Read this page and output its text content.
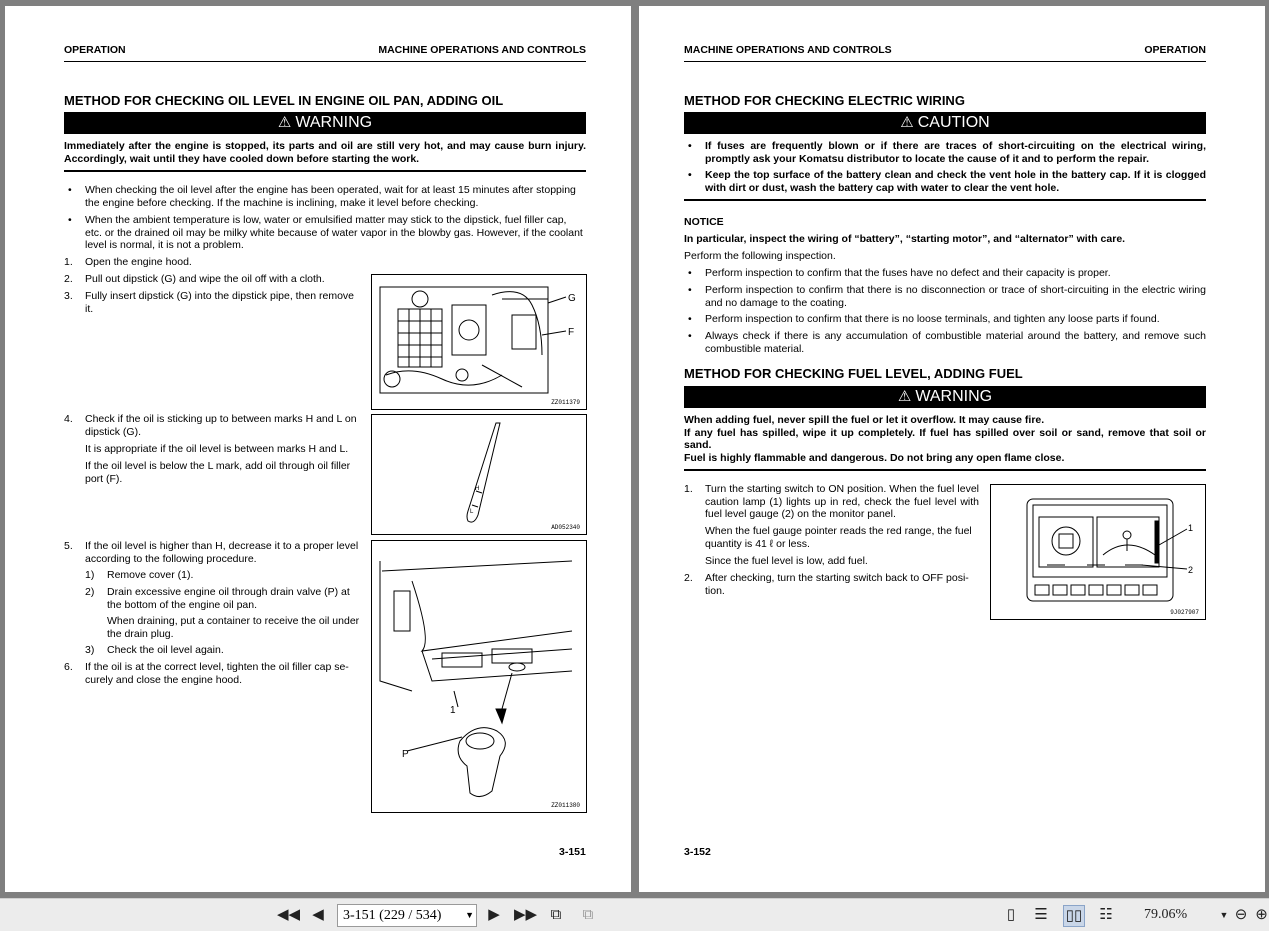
OPERATION	MACHINE OPERATIONS AND CONTROLS
METHOD FOR CHECKING OIL LEVEL IN ENGINE OIL PAN, ADDING OIL
⚠ WARNING
Immediately after the engine is stopped, its parts and oil are still very hot, and may cause burn injury. Accordingly, wait until they have cooled down before starting the work.
• When checking the oil level after the engine has been operated, wait for at least 15 minutes after stopping the engine before checking. If the machine is inclining, make it level before checking.
• When the ambient temperature is low, water or emulsified matter may stick to the dipstick, fuel filler cap, etc. or the drained oil may be milky white because of water vapor in the blowby gas. However, if the coolant level is normal, it is not a problem.
1. Open the engine hood.
2. Pull out dipstick (G) and wipe the oil off with a cloth.
3. Fully insert dipstick (G) into the dipstick pipe, then remove it.
G
F
ZZ011379
4. Check if the oil is sticking up to between marks H and L on dipstick (G).
It is appropriate if the oil level is between marks H and L.
If the oil level is below the L mark, add oil through oil filler port (F).
H
L
AD052340
5. If the oil level is higher than H, decrease it to a proper level according to the following procedure.
1) Remove cover (1).
2) Drain excessive engine oil through drain valve (P) at the bottom of the engine oil pan.
When draining, put a container to receive the oil under the drain plug.
3) Check the oil level again.
6. If the oil is at the correct level, tighten the oil filler cap se-curely and close the engine hood.
1
P
ZZ011380
3-151
MACHINE OPERATIONS AND CONTROLS	OPERATION
METHOD FOR CHECKING ELECTRIC WIRING
⚠ CAUTION
• If fuses are frequently blown or if there are traces of short-circuiting on the electrical wiring, promptly ask your Komatsu distributor to locate the cause of it and to perform the repair.
• Keep the top surface of the battery clean and check the vent hole in the battery cap. If it is clogged with dirt or dust, wash the battery cap with water to clear the vent hole.
NOTICE
In particular, inspect the wiring of “battery”, “starting motor”, and “alternator” with care.
Perform the following inspection.
• Perform inspection to confirm that the fuses have no defect and their capacity is proper.
• Perform inspection to confirm that there is no disconnection or trace of short-circuiting in the electric wiring and no damage to the coating.
• Perform inspection to confirm that there is no loose terminals, and tighten any loose parts if found.
• Always check if there is any accumulation of combustible material around the battery, and remove such combustible material.
METHOD FOR CHECKING FUEL LEVEL, ADDING FUEL
⚠ WARNING
When adding fuel, never spill the fuel or let it overflow. It may cause fire.
If any fuel has spilled, wipe it up completely. If fuel has spilled over soil or sand, remove that soil or sand.
Fuel is highly flammable and dangerous. Do not bring any open flame close.
1. Turn the starting switch to ON position. When the fuel level caution lamp (1) lights up in red, check the fuel level with fuel level gauge (2) on the monitor panel.
When the fuel gauge pointer reads the red range, the fuel quantity is 41 ℓ or less.
Since the fuel level is low, add fuel.
2. After checking, turn the starting switch back to OFF posi-tion.
1
2
9J027907
3-152
◀◀ ◀	3-151 (229 / 534)	▼ ▶ ▶▶ ⧉	⧉	▯	☰ ▯▯ ☷ 79.06%	▼ ⊖ ⊕
